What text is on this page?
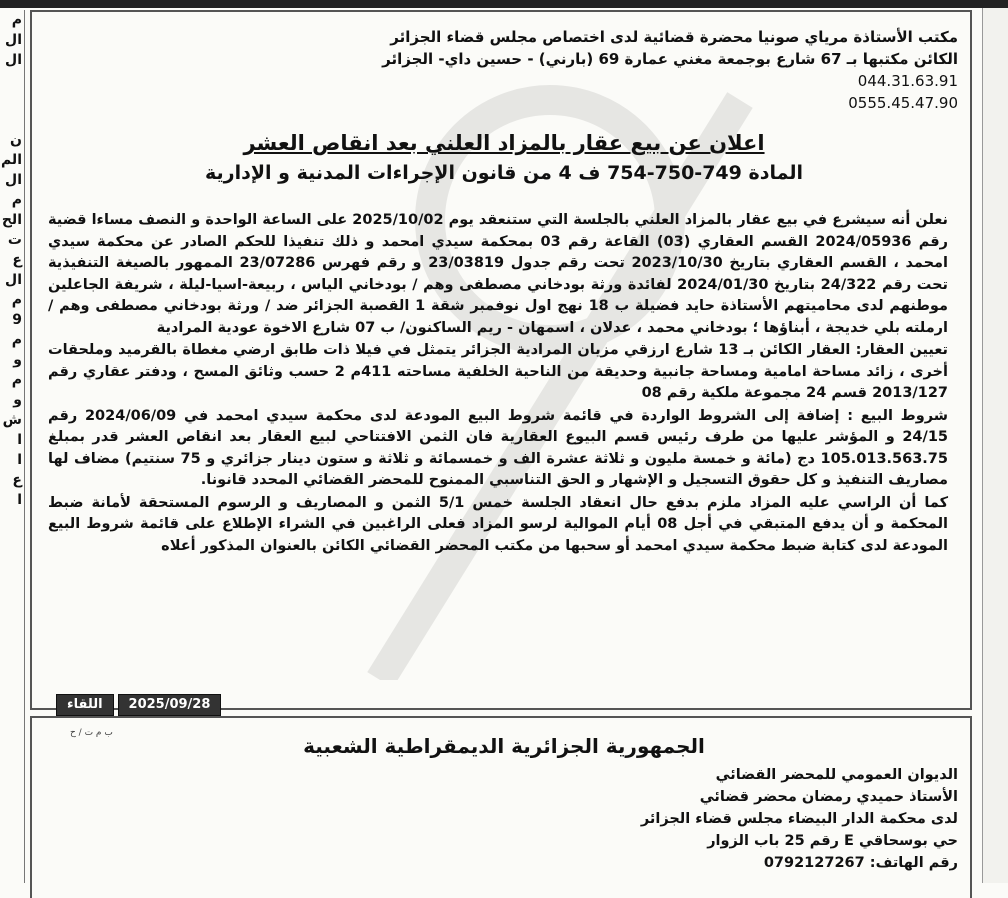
م
ال
ال
ن
الم
ال
م
الح
ت
ع
ال
م
9
م
و
م
و
ش
ا
ا
ع
ا
مكتب الأستاذة مرياي صونيا محضرة قضائية لدى اختصاص مجلس قضاء الجزائر
الكائن مكتبها بـ 67 شارع بوجمعة مغني عمارة 69 (بارني) - حسين داي- الجزائر
044.31.63.91
0555.45.47.90
اعلان عن بيع عقار بالمزاد العلني بعد انقاص العشر
المادة 749-750-754 ف 4 من قانون الإجراءات المدنية و الإدارية

نعلن أنه سيشرع في بيع عقار بالمزاد العلني بالجلسة التي ستنعقد يوم 2025/10/02 على الساعة الواحدة و النصف مساءا قضية رقم 2024/05936 القسم العقاري (03) القاعة رقم 03 بمحكمة سيدي امحمد و ذلك تنفيذا للحكم الصادر عن محكمة سيدي امحمد ، القسم العقاري بتاريخ 2023/10/30 تحت رقم جدول 23/03819 و رقم فهرس 23/07286 الممهور بالصيغة التنفيذية تحت رقم 24/322 بتاريخ 2024/01/30 لفائدة ورثة بودخاني مصطفى وهم / بودخاني الياس ، ربيعة-اسيا-ليلة ، شريفة الجاعلين موطنهم لدى محاميتهم الأستاذة حايد فضيلة ب 18 نهج اول نوفمبر شقة 1 القصبة الجزائر ضد / ورثة بودخاني مصطفى وهم / ارملته بلي خديجة ، أبناؤها ؛ بودخاني محمد ، عدلان ، اسمهان - ريم الساكنون/ ب 07 شارع الاخوة عودية المرادية

تعيين العقار: العقار الكائن بـ 13 شارع ارزقي مزيان المرادية الجزائر يتمثل في فيلا ذات طابق ارضي مغطاة بالقرميد وملحقات أخرى ، زائد مساحة امامية ومساحة جانبية وحديقة من الناحية الخلفية مساحته 411م 2 حسب وثائق المسح ، ودفتر عقاري رقم 2013/127 قسم 24 مجموعة ملكية رقم 08

شروط البيع : إضافة إلى الشروط الواردة في قائمة شروط البيع المودعة لدى محكمة سيدي امحمد في 2024/06/09 رقم 24/15 و المؤشر عليها من طرف رئيس قسم البيوع العقارية فان الثمن الافتتاحي لبيع العقار بعد انقاص العشر قدر بمبلغ 105.013.563.75 دج (مائة و خمسة مليون و ثلاثة عشرة الف و خمسمائة و ثلاثة و ستون دينار جزائري و 75 سنتيم) مضاف لها مصاريف التنفيذ و كل حقوق التسجيل و الإشهار و الحق التناسبي الممنوح للمحضر القضائي المحدد قانونا.

كما أن الراسي عليه المزاد ملزم بدفع حال انعقاد الجلسة خمس 5/1 الثمن و المصاريف و الرسوم المستحقة لأمانة ضبط المحكمة و أن يدفع المتبقي في أجل 08 أيام الموالية لرسو المزاد فعلى الراغبين في الشراء الإطلاع على قائمة شروط البيع المودعة لدى كتابة ضبط محكمة سيدي امحمد أو سحبها من مكتب المحضر القضائي الكائن بالعنوان المذكور أعلاه

اللقاء	2025/09/28
ب م ت / ح
الجمهورية الجزائرية الديمقراطية الشعبية
الديوان العمومي للمحضر القضائي
الأستاذ حميدي رمضان محضر قضائي
لدى محكمة الدار البيضاء مجلس قضاء الجزائر
حي بوسحاقي E رقم 25 باب الزوار
رقم الهاتف: 0792127267
